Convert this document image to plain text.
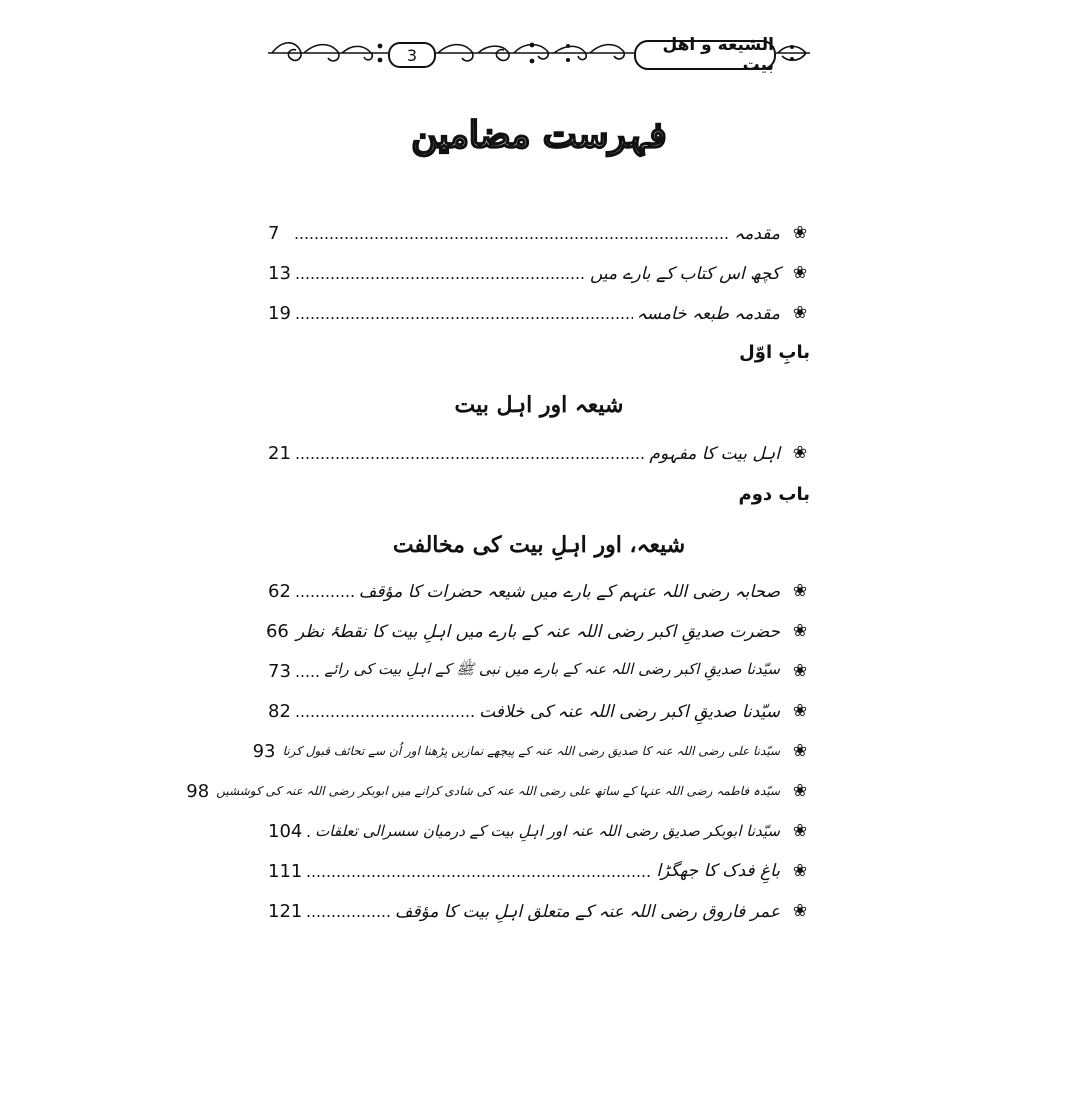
3	الشیعه و اهل بیت
فہرست مضامین
❀
مقدمہ
7
❀
کچھ اس کتاب کے بارے میں
13
❀
مقدمہ طبعہ خامسہ
19
بابِ اوّل
شیعہ اور اہل بیت
❀
اہل بیت کا مفہوم
21
باب دوم
شیعہ، اور اہلِ بیت کی مخالفت
❀
صحابہ رضی اللہ عنہم کے بارے میں شیعہ حضرات کا مؤقف
62
❀
حضرت صدیقِ اکبر رضی اللہ عنہ کے بارے میں اہلِ بیت کا نقطۂ نظر
66
❀
سیّدنا صدیقِ اکبر رضی اللہ عنہ کے بارے میں نبی ﷺ کے اہلِ بیت کی رائے
73
❀
سیّدنا صدیقِ اکبر رضی اللہ عنہ کی خلافت
82
❀
سیّدنا علی رضی اللہ عنہ کا صدیق رضی اللہ عنہ کے پیچھے نمازیں پڑھنا اور اُن سے تحائف قبول کرنا
93
❀
سیّدہ فاطمہ رضی اللہ عنہا کے ساتھ علی رضی اللہ عنہ کی شادی کرانے میں ابوبکر رضی اللہ عنہ کی کوششیں
98
❀
سیّدنا ابوبکر صدیق رضی اللہ عنہ اور اہلِ بیت کے درمیان سسرالی تعلقات
104
❀
باغِ فدک کا جھگڑا
111
❀
عمر فاروق رضی اللہ عنہ کے متعلق اہلِ بیت کا مؤقف
121
